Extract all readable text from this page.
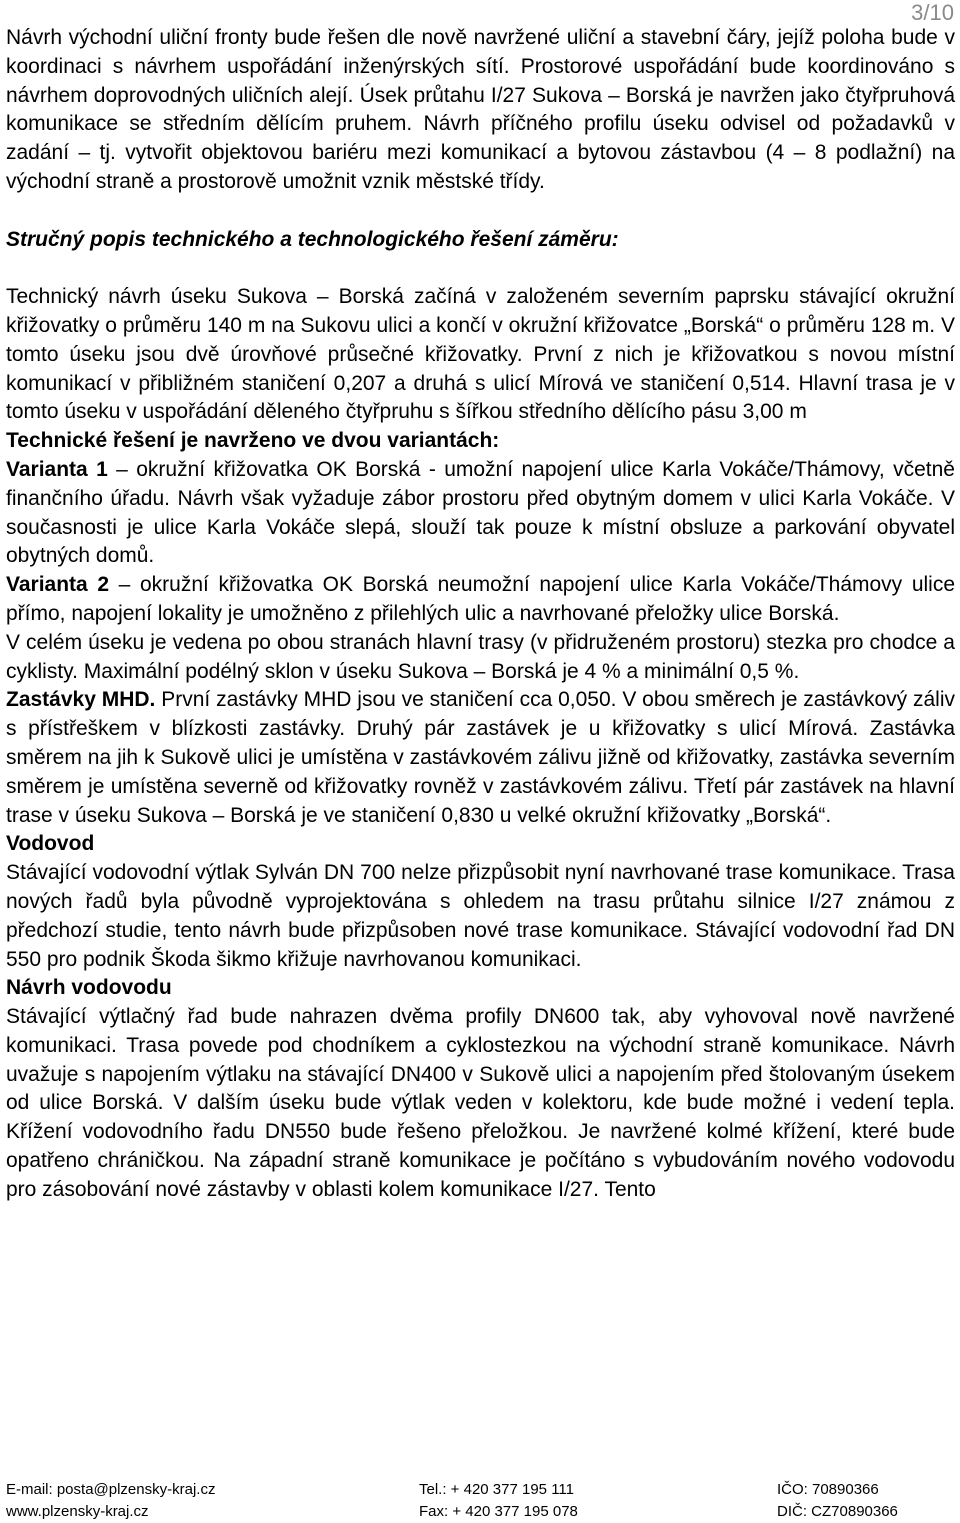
3/10

Návrh východní uliční fronty bude řešen dle nově navržené uliční a stavební čáry, jejíž poloha bude v koordinaci s návrhem uspořádání inženýrských sítí. Prostorové uspořádání bude koordinováno s návrhem doprovodných uličních alejí. Úsek průtahu I/27 Sukova – Borská je navržen jako čtyřpruhová komunikace se středním dělícím pruhem. Návrh příčného profilu úseku odvisel od požadavků v zadání – tj. vytvořit objektovou bariéru mezi komunikací a bytovou zástavbou (4 – 8 podlažní) na východní straně a prostorově umožnit vznik městské třídy.

Stručný popis technického a technologického řešení záměru:

Technický návrh úseku Sukova – Borská začíná v založeném severním paprsku stávající okružní křižovatky o průměru 140 m na Sukovu ulici a končí v okružní křižovatce „Borská“ o průměru 128 m. V tomto úseku jsou dvě úrovňové průsečné křižovatky. První z nich je křižovatkou s novou místní komunikací v přibližném staničení 0,207 a druhá s ulicí Mírová ve staničení 0,514. Hlavní trasa je v tomto úseku v uspořádání děleného čtyřpruhu s šířkou středního dělícího pásu 3,00 m

Technické řešení je navrženo ve dvou variantách:

Varianta 1 – okružní křižovatka OK Borská - umožní napojení ulice Karla Vokáče/Thámovy, včetně finančního úřadu. Návrh však vyžaduje zábor prostoru před obytným domem v ulici Karla Vokáče. V současnosti je ulice Karla Vokáče slepá, slouží tak pouze k místní obsluze a parkování obyvatel obytných domů.

Varianta 2 – okružní křižovatka OK Borská neumožní napojení ulice Karla Vokáče/Thámovy ulice přímo, napojení lokality je umožněno z přilehlých ulic a navrhované přeložky ulice Borská.

V celém úseku je vedena po obou stranách hlavní trasy (v přidruženém prostoru) stezka pro chodce a cyklisty. Maximální podélný sklon v úseku Sukova – Borská je 4 % a minimální 0,5 %.

Zastávky MHD. První zastávky MHD jsou ve staničení cca 0,050. V obou směrech je zastávkový záliv s přístřeškem v blízkosti zastávky. Druhý pár zastávek je u křižovatky s ulicí Mírová. Zastávka směrem na jih k Sukově ulici je umístěna v zastávkovém zálivu jižně od křižovatky, zastávka severním směrem je umístěna severně od křižovatky rovněž v zastávkovém zálivu. Třetí pár zastávek na hlavní trase v úseku Sukova – Borská je ve staničení 0,830 u velké okružní křižovatky „Borská“.

Vodovod

Stávající vodovodní výtlak Sylván DN 700 nelze přizpůsobit nyní navrhované trase komunikace. Trasa nových řadů byla původně vyprojektována s ohledem na trasu průtahu silnice I/27 známou z předchozí studie, tento návrh bude přizpůsoben nové trase komunikace. Stávající vodovodní řad DN 550 pro podnik Škoda šikmo křižuje navrhovanou komunikaci.

Návrh vodovodu

Stávající výtlačný řad bude nahrazen dvěma profily DN600 tak, aby vyhovoval nově navržené komunikaci. Trasa povede pod chodníkem a cyklostezkou na východní straně komunikace. Návrh uvažuje s napojením výtlaku na stávající DN400 v Sukově ulici a napojením před štolovaným úsekem od ulice Borská. V dalším úseku bude výtlak veden v kolektoru, kde bude možné i vedení tepla. Křížení vodovodního řadu DN550 bude řešeno přeložkou. Je navržené kolmé křížení, které bude opatřeno chráničkou. Na západní straně komunikace je počítáno s vybudováním nového vodovodu pro zásobování nové zástavby v oblasti kolem komunikace I/27. Tento

E-mail: posta@plzensky-kraj.cz
www.plzensky-kraj.cz
Tel.: + 420 377 195 111
Fax: + 420 377 195 078
IČO: 70890366
DIČ: CZ70890366
